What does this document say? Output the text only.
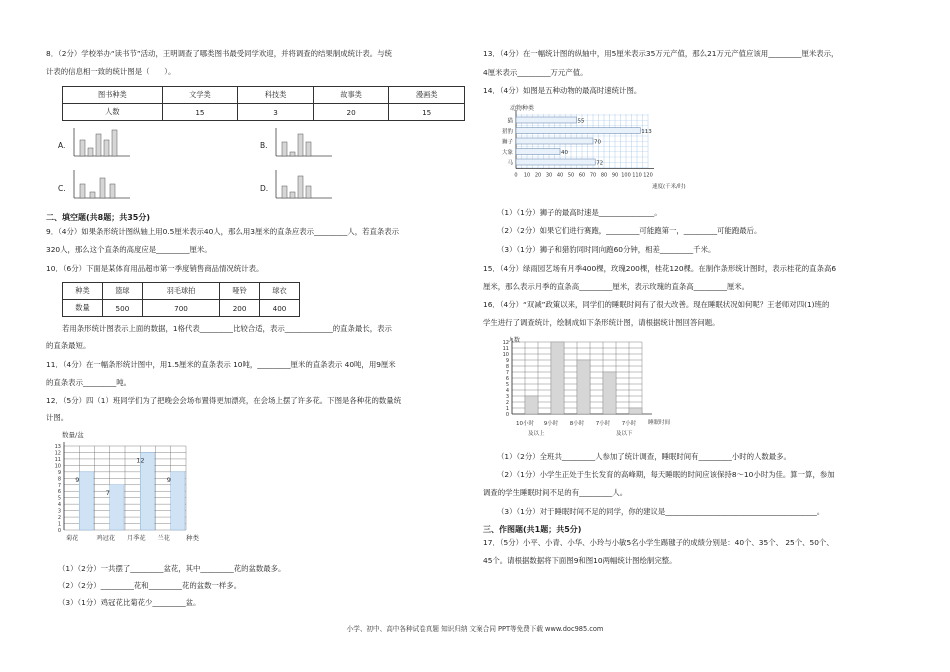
8．（2分）学校举办“读书节”活动，王明调查了哪类图书最受同学欢迎，并将调查的结果制成统计表。与统
计表的信息相一致的统计图是（　　）。
图书种类	文学类	科技类	故事类	漫画类
人数	15	3	20	15
A.	B.
C.	D.
二、填空题(共8题；共35分)
9．（4分）如果条形统计图纵轴上用0.5厘米表示40人，那么用3厘米的直条应表示_________人，若直条表示
320人，那么这个直条的高度应是_________厘米。
10．（6分）下面是某体育用品超市第一季度销售商品情况统计表。
种类	篮球	羽毛球拍	哑铃	球衣
数量	500	700	200	400
若用条形统计图表示上面的数据，1格代表_________比较合适，表示_____________的直条最长，表示
的直条最短。
11．（4分）在一幅条形统计图中，用1.5厘米的直条表示 10吨，_________厘米的直条表示 40吨，用9厘米
的直条表示_________吨。
12．（5分）四（1）班同学们为了把晚会会场布置得更加漂亮，在会场上摆了许多花。下图是各种花的数量统
计图。
数量/盆
9
7
12
9
0
1
2
3
4
5
6
7
8
9
10
11
12
13
菊花	鸡冠花 月季花 兰花 种类
（1）（2分）一共摆了_________盆花，其中_________花的盆数最多。
（2）（2分）_________花和_________花的盆数一样多。
（3）（1分）鸡冠花比菊花少_________盆。
13．（4分）在一幅统计图的纵轴中，用5厘米表示35万元产值，那么21万元产值应该用_________厘米表示，
4厘米表示_________万元产值。
14．（4分）如图是五种动物的最高时速统计图。
动物种类
55
113
70
40
72
猫
猎豹
狮子
大象
马
0 10 20 30 40 50 60 70 80 90 100 110 120
速度(千米/时)
（1）（1分）狮子的最高时速是_______________。
（2）（2分）如果它们进行赛跑，_________可能跑第一，_________可能跑最后。
（3）（1分）狮子和猎豹同时同向跑60分钟，相差_________千米。
15．（4分）绿雨园艺场有月季400棵，玫瑰200棵，桂花120棵。在制作条形统计图时，表示桂花的直条高6
厘米，那么表示月季的直条高_________厘米，表示玫瑰的直条高_________厘米。
16．（4分）“双减”政策以来，同学们的睡眠时间有了很大改善。现在睡眠状况如何呢？王老师对四(1)班的
学生进行了调查统计，绘制成如下条形统计图，请根据统计图回答问题。
人数
0
1
2
3
4
5
6
7
8
9
10
11
12
10小时 9小时 8小时 7小时 7小时 睡眠时间
及以上	及以下
（1）（2分）全班共_________人参加了统计调查，睡眠时间有_________小时的人数最多。
（2）（1分）小学生正处于生长发育的高峰期，每天睡眠的时间应该保持8～10小时为佳。算一算，参加
调查的学生睡眠时间不足的有_________人。
（3）（1分）对于睡眠时间不足的同学，你的建议是_________________________________________。
三、作图题(共1题；共5分)
17．（5分）小平、小青、小华、小玲与小敏5名小学生踢毽子的成绩分别是：40个、35个、 25个、50个、
45个。请根据数据将下面图9和图10两幅统计图绘制完整。
小学、初中、高中各种试卷真题 知识归纳 文案合同 PPT等免费下载 www.doc985.com
